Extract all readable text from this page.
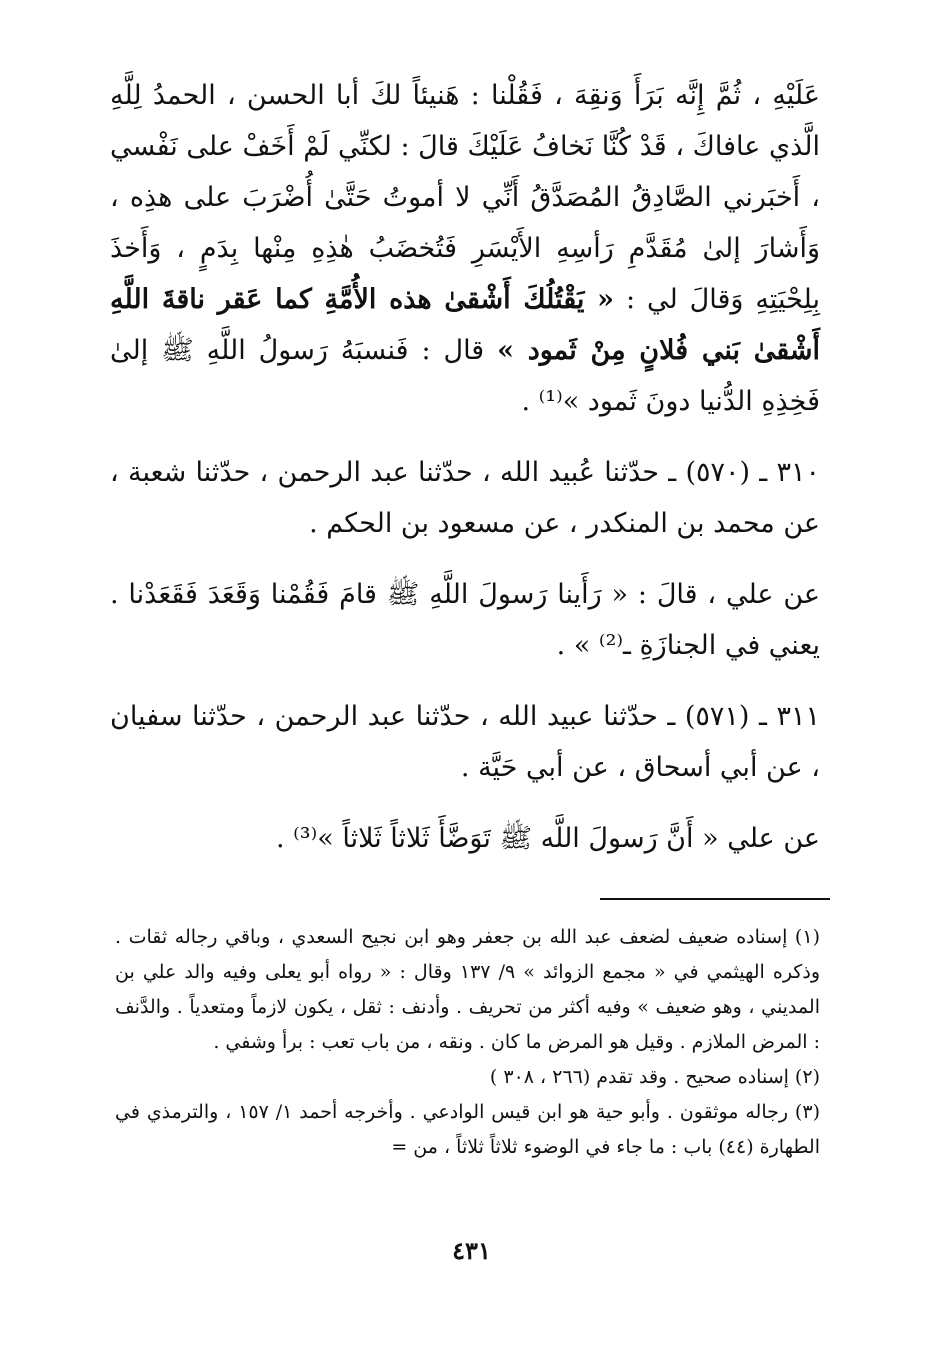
عَلَيْهِ ، ثُمَّ إِنَّه بَرَأَ وَنقِهَ ، فَقُلْنا : هَنيئاً لكَ أبا الحسن ، الحمدُ لِلَّهِ الَّذي عافاكَ ، قَدْ كُنَّا نَخافُ عَلَيْكَ قالَ : لكنِّي لَمْ أَخَفْ على نَفْسي ، أَخبَرني الصَّادِقُ المُصَدَّقُ أَنِّي لا أموتُ حَتَّىٰ أُضْرَبَ على هذِه ، وَأَشارَ إلىٰ مُقَدَّمِ رَأسِهِ الأَيْسَرِ فَتُخضَبُ هٰذِهِ مِنْها بِدَمٍ ، وَأَخذَ بِلِحْيَتِهِ وَقالَ لي : « يَقْتُلُكَ أَشْقىٰ هذه الأُمَّةِ كما عَقر ناقةَ اللَّهِ أَشْقىٰ بَني فُلانٍ مِنْ ثَمود » قال : فَنسبَهُ رَسولُ اللَّهِ ﷺ إلىٰ فَخِذِهِ الدُّنيا دونَ ثَمود »⁽¹⁾ .

٣١٠ ـ (٥٧٠) ـ حدّثنا عُبيد الله ، حدّثنا عبد الرحمن ، حدّثنا شعبة ، عن محمد بن المنكدر ، عن مسعود بن الحكم .

عن علي ، قالَ : « رَأَينا رَسولَ اللَّهِ ﷺ قامَ فَقُمْنا وَقَعَدَ فَقَعَدْنا . يعني في الجنازَةِ ـ⁽²⁾ » .

٣١١ ـ (٥٧١) ـ حدّثنا عبيد الله ، حدّثنا عبد الرحمن ، حدّثنا سفيان ، عن أبي أسحاق ، عن أبي حَيَّة .

عن علي « أَنَّ رَسولَ اللَّه ﷺ تَوَضَّأَ ثَلاثاً ثَلاثاً »⁽³⁾ .

(١) إسناده ضعيف لضعف عبد الله بن جعفر وهو ابن نجيح السعدي ، وباقي رجاله ثقات . وذكره الهيثمي في « مجمع الزوائد » ٩/ ١٣٧ وقال : « رواه أبو يعلى وفيه والد علي بن المديني ، وهو ضعيف » وفيه أكثر من تحريف . وأدنف : ثقل ، يكون لازماً ومتعدياً . والدَّنف : المرض الملازم . وقيل هو المرض ما كان . ونقه ، من باب تعب : برأ وشفي .

(٢) إسناده صحيح . وقد تقدم (٢٦٦ ، ٣٠٨ )

(٣) رجاله موثقون . وأبو حية هو ابن قيس الوادعي . وأخرجه أحمد ١/ ١٥٧ ، والترمذي في الطهارة (٤٤) باب : ما جاء في الوضوء ثلاثاً ثلاثاً ، من =

٤٣١
